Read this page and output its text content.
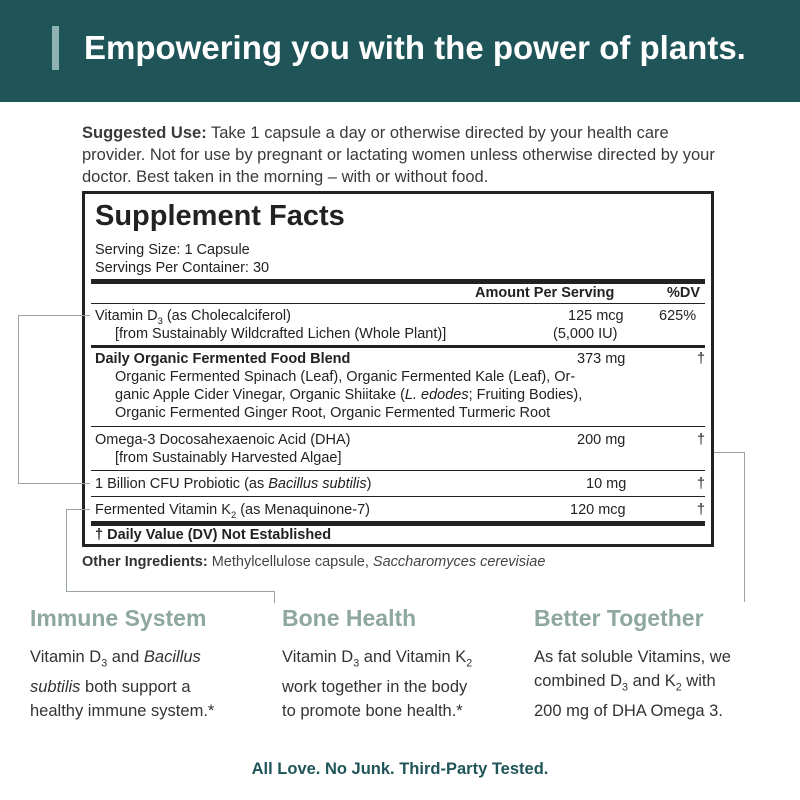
Empowering you with the power of plants.
Suggested Use: Take 1 capsule a day or otherwise directed by your health care provider. Not for use by pregnant or lactating women unless otherwise directed by your doctor. Best taken in the morning – with or without food.
Supplement Facts
Serving Size: 1 Capsule
Servings Per Container: 30
Amount Per Serving	%DV
Vitamin $D_3$ (as Cholecalciferol)	125 mcg 625%
[from Sustainably Wildcrafted Lichen (Whole Plant)]	(5,000 IU)
Daily Organic Fermented Food Blend	373 mg	†
Organic Fermented Spinach (Leaf), Organic Fermented Kale (Leaf), Or-
ganic Apple Cider Vinegar, Organic Shiitake (L. edodes; Fruiting Bodies),
Organic Fermented Ginger Root, Organic Fermented Turmeric Root
Omega-3 Docosahexaenoic Acid (DHA)	200 mg	†
[from Sustainably Harvested Algae]
1 Billion CFU Probiotic (as Bacillus subtilis)	10 mg	†
Fermented Vitamin $K_2$ (as Menaquinone-7)	120 mcg	†
† Daily Value (DV) Not Established
Other Ingredients: Methylcellulose capsule, Saccharomyces cerevisiae
Immune System
Vitamin $D_3$ and Bacillus
subtilis both support a
healthy immune system.*
Bone Health
Vitamin $D_3$ and Vitamin $K_2$
work together in the body
to promote bone health.*
Better Together
As fat soluble Vitamins, we
combined $D_3$ and $K_2$ with
200 mg of DHA Omega 3.
All Love. No Junk. Third-Party Tested.
